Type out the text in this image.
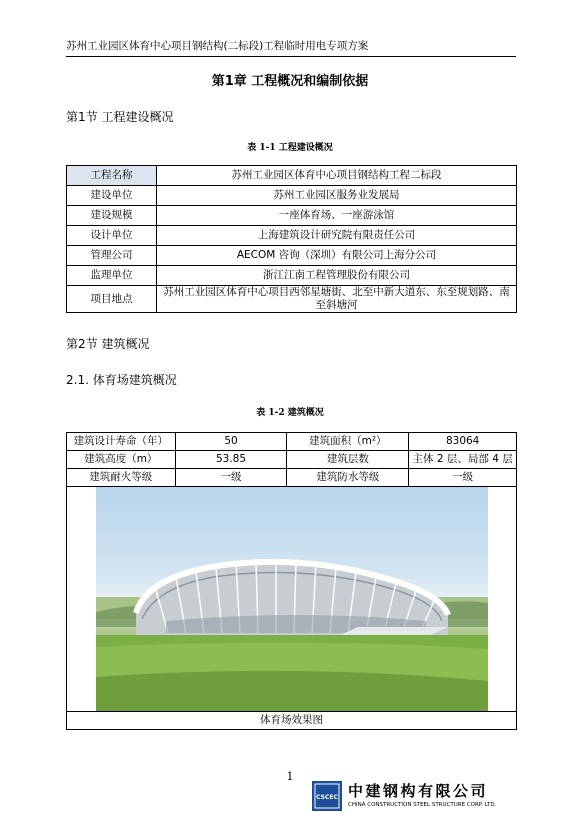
苏州工业园区体育中心项目钢结构(二标段)工程临时用电专项方案
第1章 工程概况和编制依据
第1节 工程建设概况
表 1-1 工程建设概况
工程名称	苏州工业园区体育中心项目钢结构工程二标段
建设单位	苏州工业园区服务业发展局
建设规模	一座体育场、一座游泳馆
设计单位	上海建筑设计研究院有限责任公司
管理公司	AECOM 咨询（深圳）有限公司上海分公司
监理单位	浙江江南工程管理股份有限公司
项目地点	苏州工业园区体育中心项目西邻星塘街、北至中新大道东、东至规划路、南至斜塘河
第2节 建筑概况
2.1. 体育场建筑概况
表 1-2 建筑概况
建筑设计寿命（年）	50	建筑面积（m²）	83064
建筑高度（m）	53.85	建筑层数	主体 2 层、局部 4 层
建筑耐火等级	一级	建筑防水等级	一级

体育场效果图			
1
CSCEC 中建钢构有限公司
CHINA CONSTRUCTION STEEL STRUCTURE CORP. LTD.
